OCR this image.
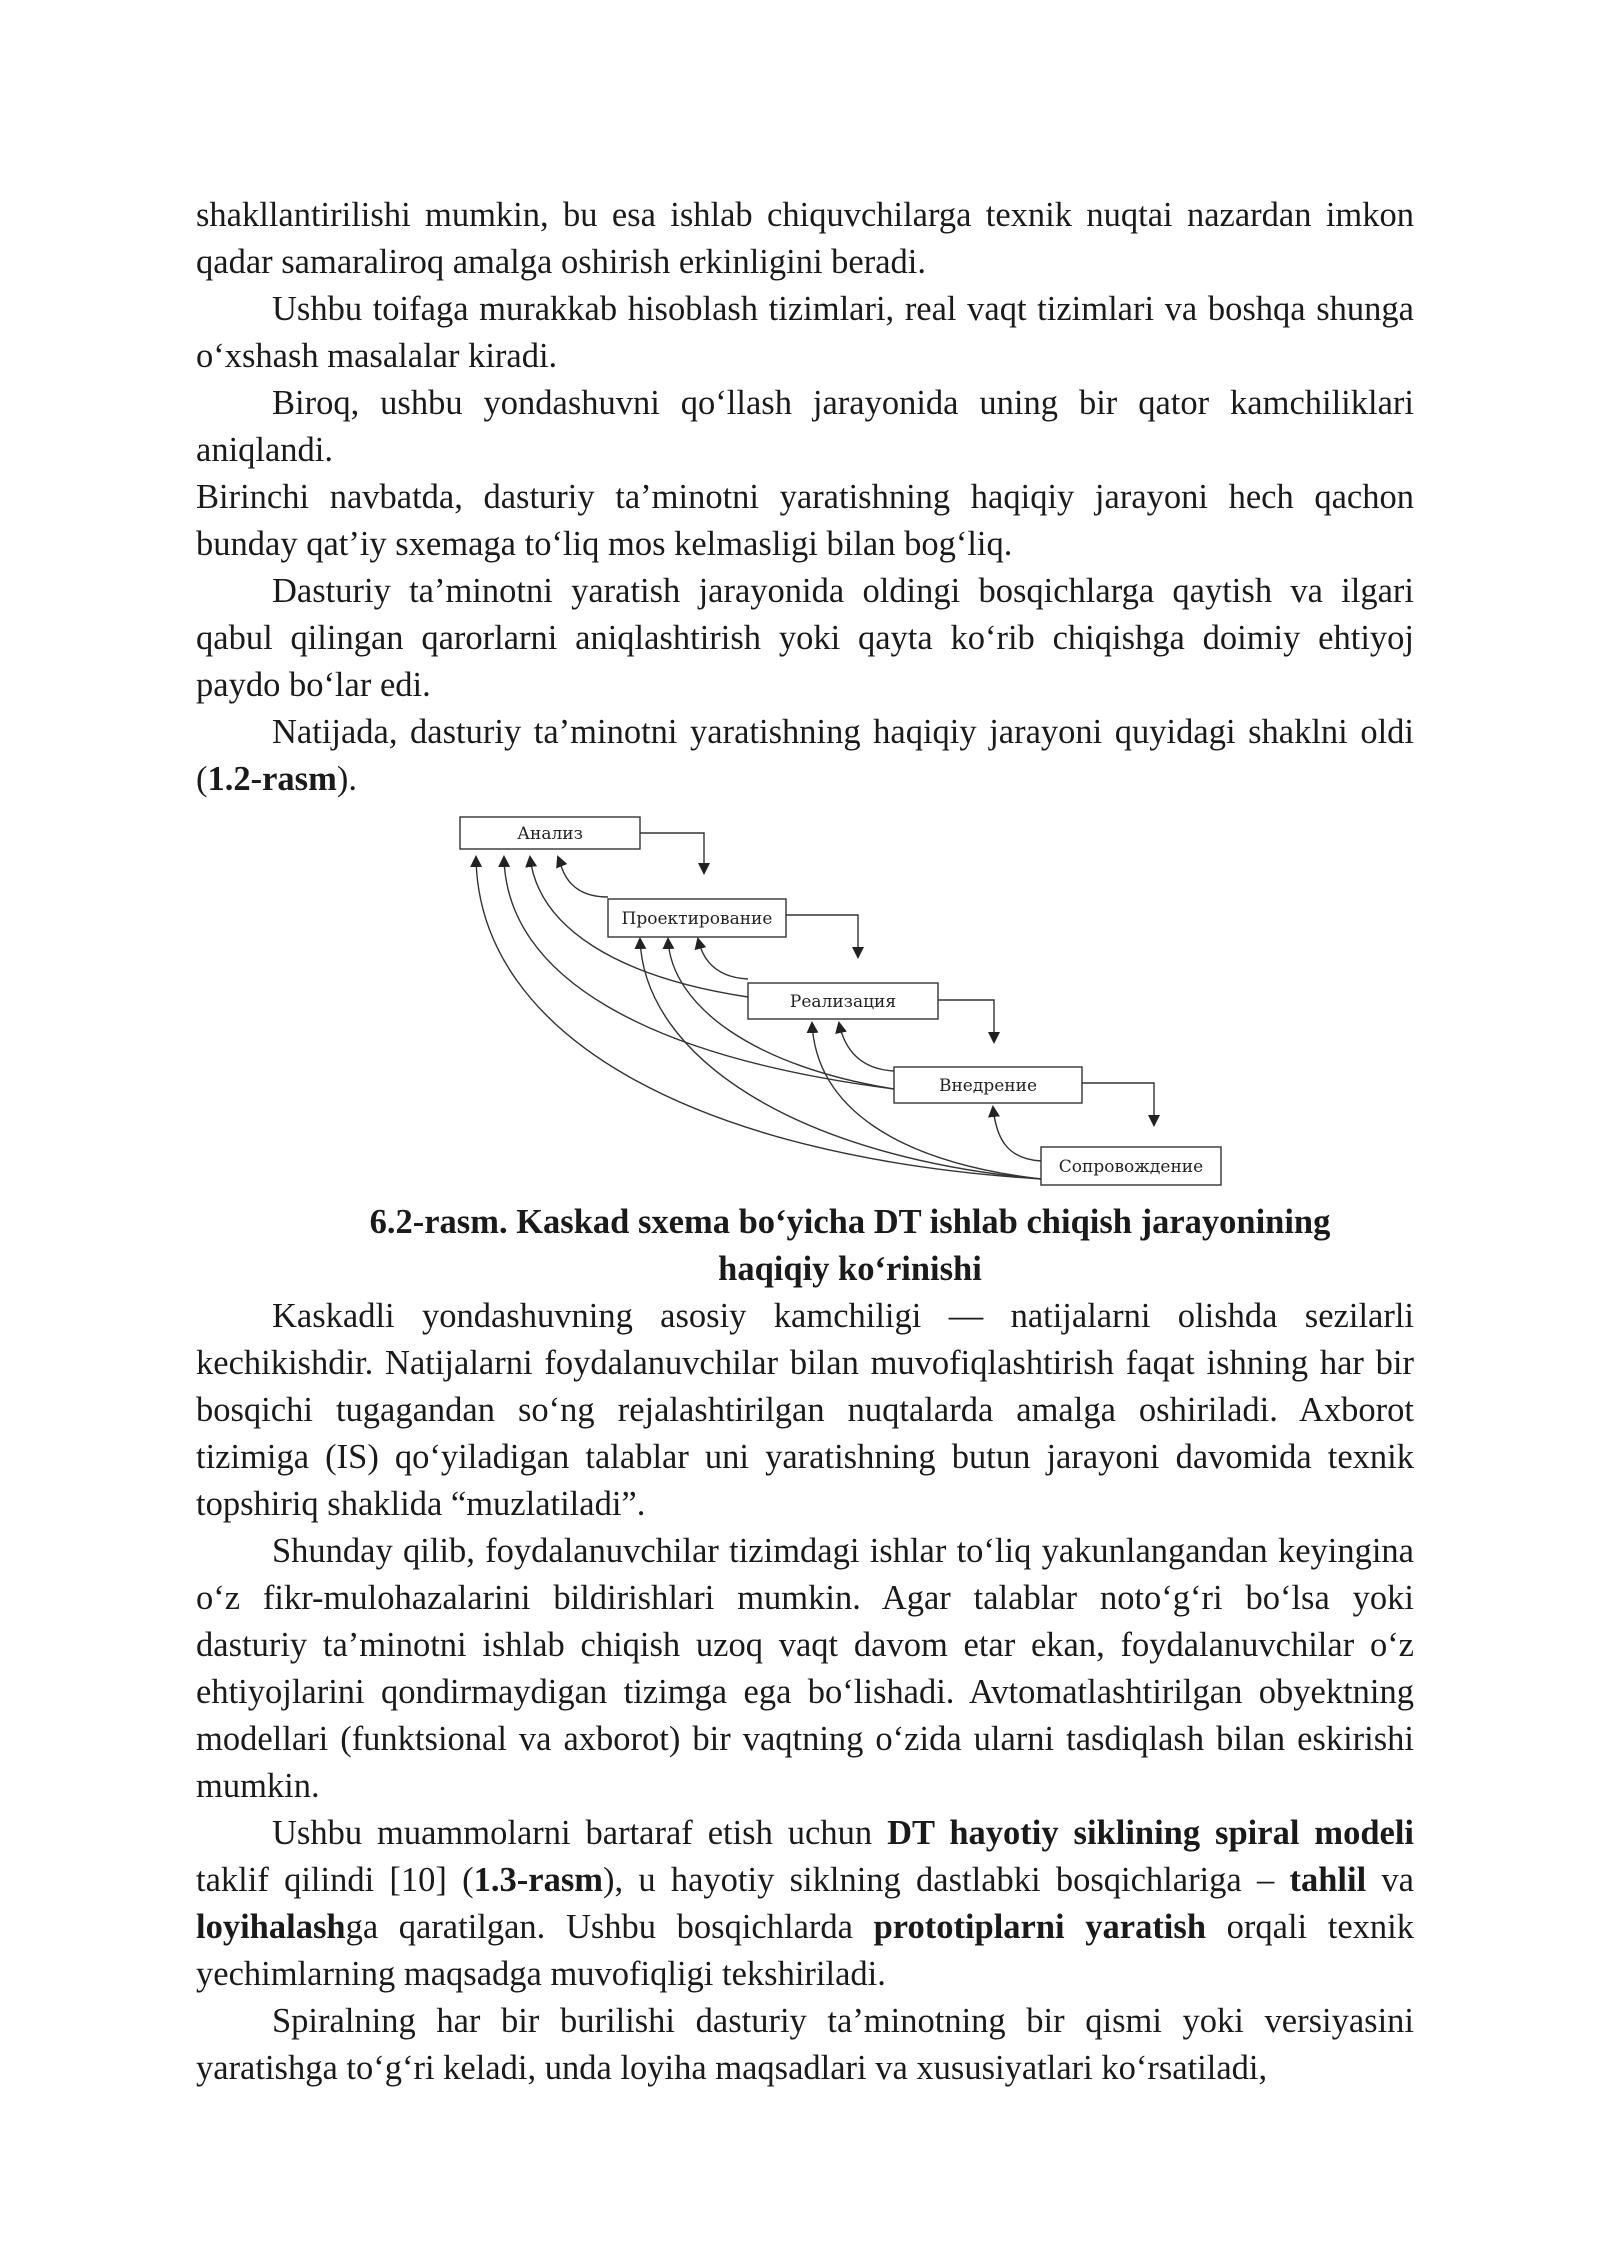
shakllantirilishi mumkin, bu esa ishlab chiquvchilarga texnik nuqtai nazardan imkon qadar samaraliroq amalga oshirish erkinligini beradi.

Ushbu toifaga murakkab hisoblash tizimlari, real vaqt tizimlari va boshqa shunga o‘xshash masalalar kiradi.

Biroq, ushbu yondashuvni qo‘llash jarayonida uning bir qator kamchiliklari aniqlandi.

Birinchi navbatda, dasturiy ta’minotni yaratishning haqiqiy jarayoni hech qachon bunday qat’iy sxemaga to‘liq mos kelmasligi bilan bog‘liq.

Dasturiy ta’minotni yaratish jarayonida oldingi bosqichlarga qaytish va ilgari qabul qilingan qarorlarni aniqlashtirish yoki qayta ko‘rib chiqishga doimiy ehtiyoj paydo bo‘lar edi.

Natijada, dasturiy ta’minotni yaratishning haqiqiy jarayoni quyidagi shaklni oldi (1.2-rasm).

Анализ
Проектирование
Реализация
Внедрение
Сопровождение

6.2-rasm. Kaskad sxema bo‘yicha DT ishlab chiqish jarayonining

haqiqiy ko‘rinishi

Kaskadli yondashuvning asosiy kamchiligi — natijalarni olishda sezilarli kechikishdir. Natijalarni foydalanuvchilar bilan muvofiqlashtirish faqat ishning har bir bosqichi tugagandan so‘ng rejalashtirilgan nuqtalarda amalga oshiriladi. Axborot tizimiga (IS) qo‘yiladigan talablar uni yaratishning butun jarayoni davomida texnik topshiriq shaklida “muzlatiladi”.

Shunday qilib, foydalanuvchilar tizimdagi ishlar to‘liq yakunlangandan keyingina o‘z fikr-mulohazalarini bildirishlari mumkin. Agar talablar noto‘g‘ri bo‘lsa yoki dasturiy ta’minotni ishlab chiqish uzoq vaqt davom etar ekan, foydalanuvchilar o‘z ehtiyojlarini qondirmaydigan tizimga ega bo‘lishadi. Avtomatlashtirilgan obyektning modellari (funktsional va axborot) bir vaqtning o‘zida ularni tasdiqlash bilan eskirishi mumkin.

Ushbu muammolarni bartaraf etish uchun DT hayotiy siklining spiral modeli taklif qilindi [10] (1.3-rasm), u hayotiy siklning dastlabki bosqichlariga – tahlil va loyihalashga qaratilgan. Ushbu bosqichlarda prototiplarni yaratish orqali texnik yechimlarning maqsadga muvofiqligi tekshiriladi.

Spiralning har bir burilishi dasturiy ta’minotning bir qismi yoki versiyasini yaratishga to‘g‘ri keladi, unda loyiha maqsadlari va xususiyatlari ko‘rsatiladi,
